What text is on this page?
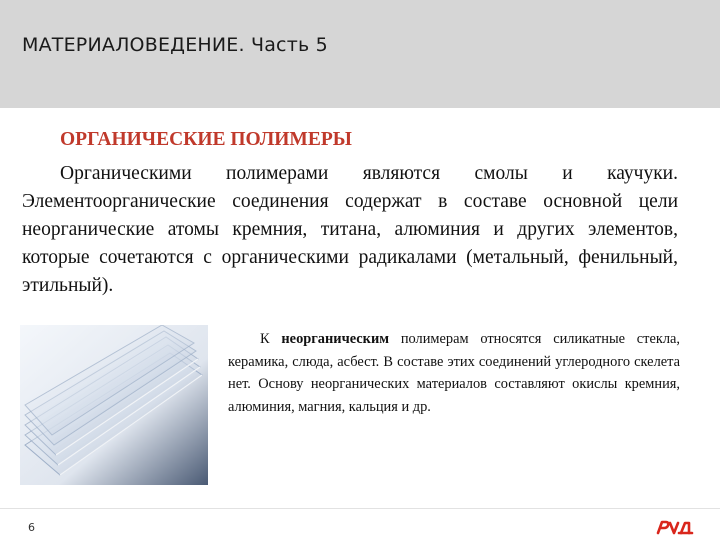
МАТЕРИАЛОВЕДЕНИЕ. Часть 5
ОРГАНИЧЕСКИЕ ПОЛИМЕРЫ
Органическими полимерами являются смолы и каучуки. Элементоорганические соединения содержат в составе основной цели неорганические атомы кремния, титана, алюминия и других элементов, которые сочетаются с органическими радикалами (метальный, фенильный, этильный).
К неорганическим полимерам относятся силикатные стекла, керамика, слюда, асбест. В составе этих соединений углеродного скелета нет. Основу неорганических материалов составляют окислы кремния, алюминия, магния, кальция и др.
6
